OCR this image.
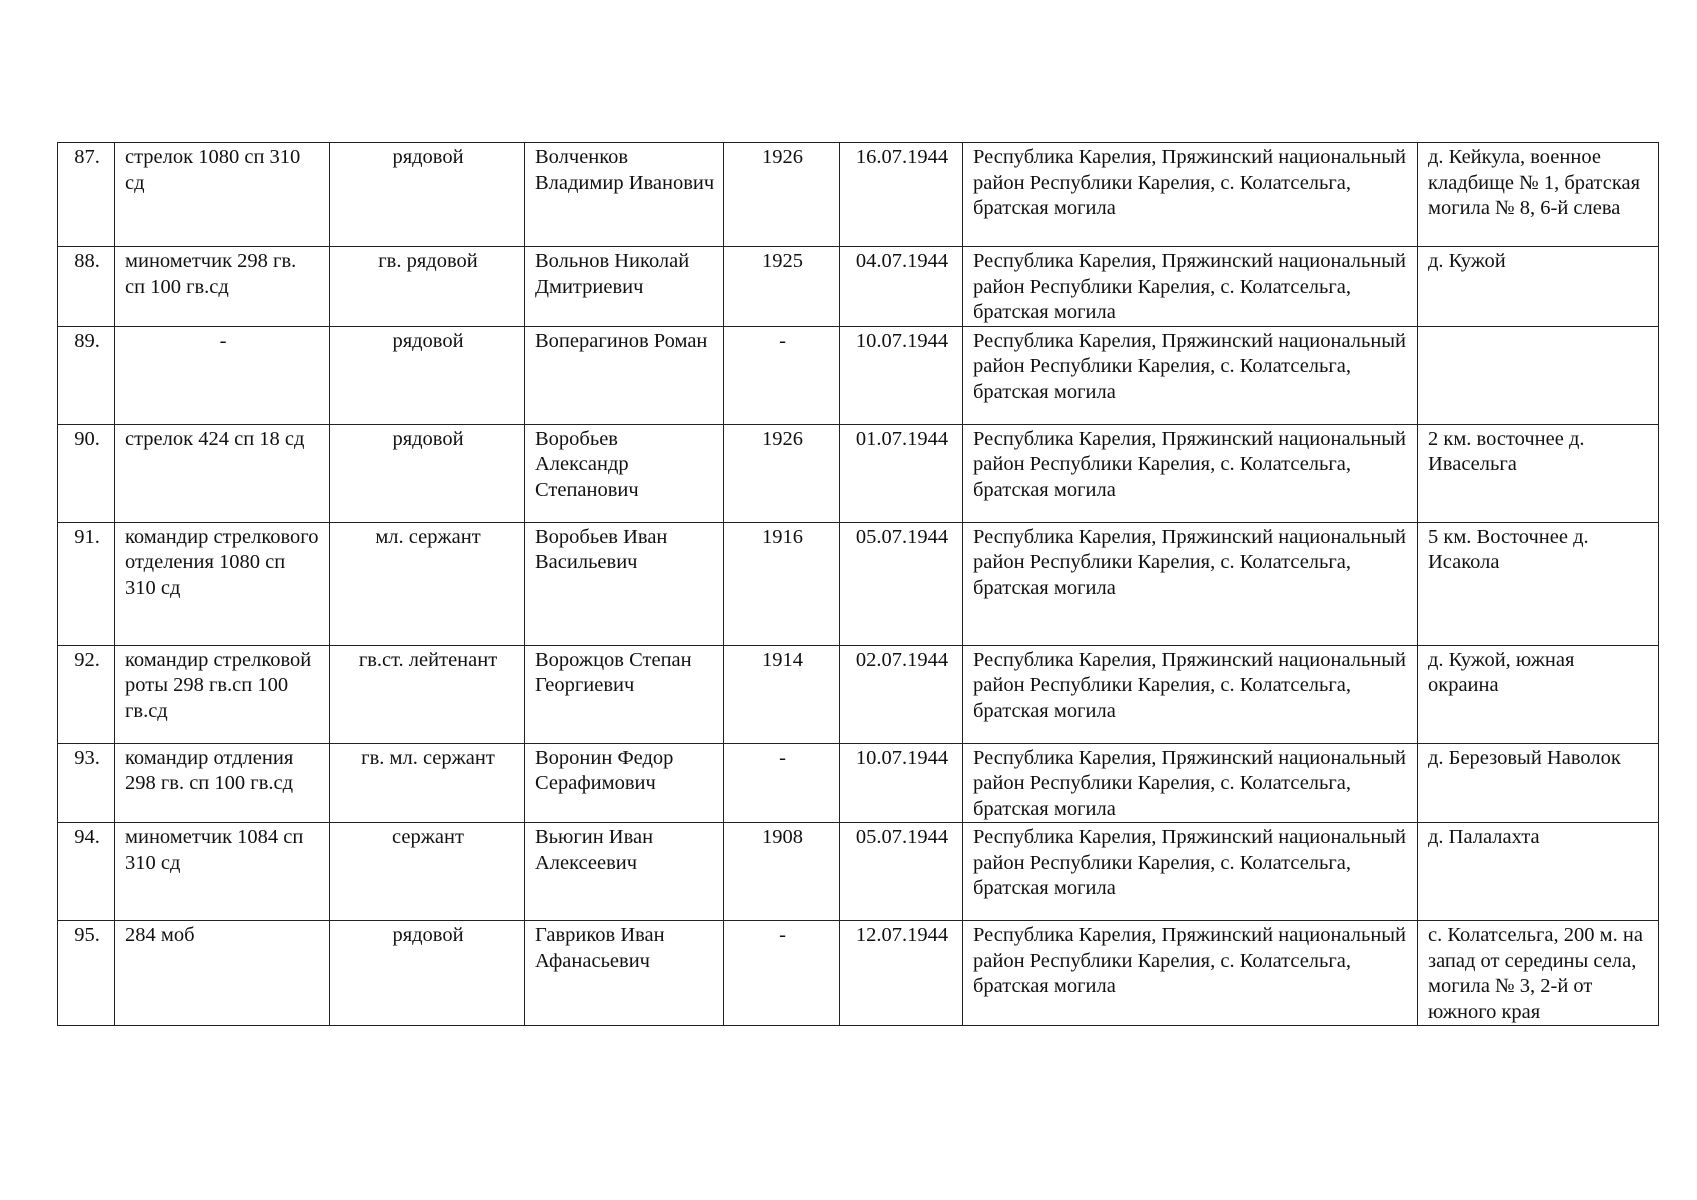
87.	стрелок 1080 сп 310 сд	рядовой	Волченков Владимир Иванович	1926	16.07.1944	Республика Карелия, Пряжинский национальный район Республики Карелия, с. Колатсельга, братская могила	д. Кейкула, военное кладбище № 1, братская могила № 8, 6-й слева
88.	минометчик 298 гв. сп 100 гв.сд	гв. рядовой	Вольнов Николай Дмитриевич	1925	04.07.1944	Республика Карелия, Пряжинский национальный район Республики Карелия, с. Колатсельга, братская могила	д. Кужой
89.	-	рядовой	Воперагинов Роман	-	10.07.1944	Республика Карелия, Пряжинский национальный район Республики Карелия, с. Колатсельга, братская могила	
90.	стрелок 424 сп 18 сд	рядовой	Воробьев Александр Степанович	1926	01.07.1944	Республика Карелия, Пряжинский национальный район Республики Карелия, с. Колатсельга, братская могила	2 км. восточнее д. Ивасельга
91.	командир стрелкового отделения 1080 сп 310 сд	мл. сержант	Воробьев Иван Васильевич	1916	05.07.1944	Республика Карелия, Пряжинский национальный район Республики Карелия, с. Колатсельга, братская могила	5 км. Восточнее д. Исакола
92.	командир стрелковой роты 298 гв.сп 100 гв.сд	гв.ст. лейтенант	Ворожцов Степан Георгиевич	1914	02.07.1944	Республика Карелия, Пряжинский национальный район Республики Карелия, с. Колатсельга, братская могила	д. Кужой, южная окраина
93.	командир отдления 298 гв. сп 100 гв.сд	гв. мл. сержант	Воронин Федор Серафимович	-	10.07.1944	Республика Карелия, Пряжинский национальный район Республики Карелия, с. Колатсельга, братская могила	д. Березовый Наволок
94.	минометчик 1084 сп 310 сд	сержант	Вьюгин Иван Алексеевич	1908	05.07.1944	Республика Карелия, Пряжинский национальный район Республики Карелия, с. Колатсельга, братская могила	д. Палалахта
95.	284 моб	рядовой	Гавриков Иван Афанасьевич	-	12.07.1944	Республика Карелия, Пряжинский национальный район Республики Карелия, с. Колатсельга, братская могила	с. Колатсельга, 200 м. на запад от середины села, могила № 3, 2-й от южного края
